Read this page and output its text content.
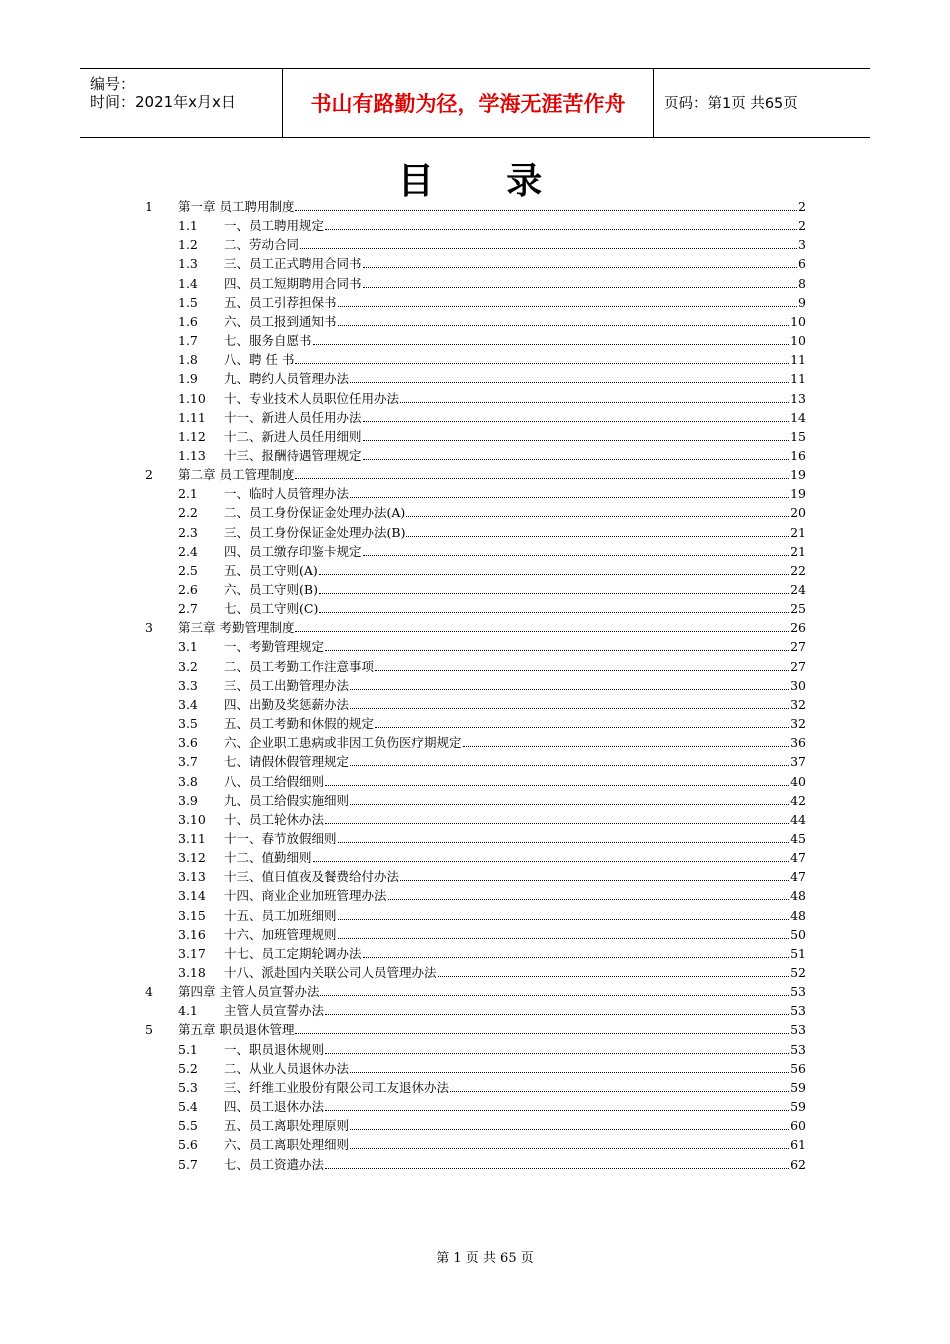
编号：
时间：2021年x月x日	书山有路勤为径，学海无涯苦作舟	页码：第1页 共65页
目 录
1 第一章 员工聘用制度	2
1.1 一、员工聘用规定	2
1.2 二、劳动合同	3
1.3 三、员工正式聘用合同书	6
1.4 四、员工短期聘用合同书	8
1.5 五、员工引荐担保书	9
1.6 六、员工报到通知书	10
1.7 七、服务自愿书	10
1.8 八、聘 任 书	11
1.9 九、聘约人员管理办法	11
1.10 十、专业技术人员职位任用办法	13
1.11 十一、新进人员任用办法	14
1.12 十二、新进人员任用细则	15
1.13 十三、报酬待遇管理规定	16
2 第二章 员工管理制度	19
2.1 一、临时人员管理办法	19
2.2 二、员工身份保证金处理办法(A)	20
2.3 三、员工身份保证金处理办法(B)	21
2.4 四、员工缴存印鉴卡规定	21
2.5 五、员工守则(A)	22
2.6 六、员工守则(B)	24
2.7 七、员工守则(C)	25
3 第三章 考勤管理制度	26
3.1 一、考勤管理规定	27
3.2 二、员工考勤工作注意事项	27
3.3 三、员工出勤管理办法	30
3.4 四、出勤及奖惩薪办法	32
3.5 五、员工考勤和休假的规定	32
3.6 六、企业职工患病或非因工负伤医疗期规定	36
3.7 七、请假休假管理规定	37
3.8 八、员工给假细则	40
3.9 九、员工给假实施细则	42
3.10 十、员工轮休办法	44
3.11 十一、春节放假细则	45
3.12 十二、值勤细则	47
3.13 十三、值日值夜及餐费给付办法	47
3.14 十四、商业企业加班管理办法	48
3.15 十五、员工加班细则	48
3.16 十六、加班管理规则	50
3.17 十七、员工定期轮调办法	51
3.18 十八、派赴国内关联公司人员管理办法	52
4 第四章 主管人员宣誓办法	53
4.1 主管人员宣誓办法	53
5 第五章 职员退休管理	53
5.1 一、职员退休规则	53
5.2 二、从业人员退休办法	56
5.3 三、纤维工业股份有限公司工友退休办法	59
5.4 四、员工退休办法	59
5.5 五、员工离职处理原则	60
5.6 六、员工离职处理细则	61
5.7 七、员工资遣办法	62
第 1 页 共 65 页
